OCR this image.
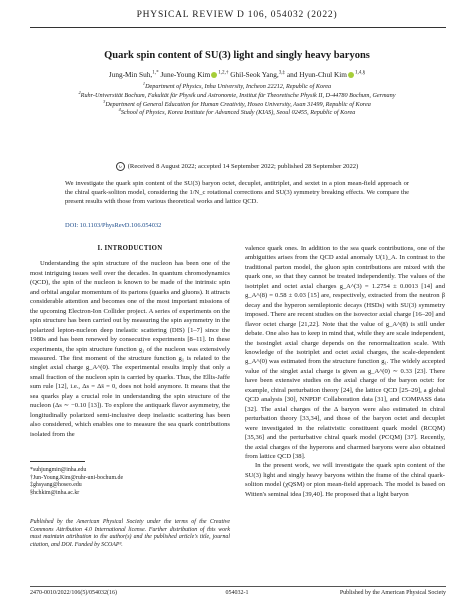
PHYSICAL REVIEW D 106, 054032 (2022)
Quark spin content of SU(3) light and singly heavy baryons
Jung-Min Suh,$^{1,*}$ June-Young Kim $^{1,2,\dagger}$ Ghil-Seok Yang,$^{3,\ddagger}$ and Hyun-Chul Kim $^{1,4,\S}$
$^1$Department of Physics, Inha University, Incheon 22212, Republic of Korea
$^2$Ruhr-Universität Bochum, Fakultät für Physik und Astronomie, Institut für Theoretische Physik II, D-44780 Bochum, Germany
$^3$Department of General Education for Human Creativity, Hoseo University, Asan 31499, Republic of Korea
$^4$School of Physics, Korea Institute for Advanced Study (KIAS), Seoul 02455, Republic of Korea
↻ (Received 8 August 2022; accepted 14 September 2022; published 28 September 2022)
We investigate the quark spin content of the SU(3) baryon octet, decuplet, antitriplet, and sextet in a pion mean-field approach or the chiral quark-soliton model, considering the 1/N_c rotational corrections and SU(3) symmetry breaking effects. We compare the present results with those from various theoretical works and lattice QCD.
DOI: 10.1103/PhysRevD.106.054032
I. INTRODUCTION

Understanding the spin structure of the nucleon has been one of the most intriguing issues well over the decades. In quantum chromodynamics (QCD), the spin of the nucleon is known to be made of the intrinsic spin and orbital angular momentum of its partons (quarks and gluons). It attracts considerable attention and becomes one of the most important missions of the upcoming Electron-Ion Collider project. A series of experiments on the spin structure has been carried out by measuring the spin asymmetry in the polarized lepton-nucleon deep inelastic scattering (DIS) [1–7] since the 1980s and has been renewed by consecutive experiments [8–11]. In these experiments, the spin structure function g₁ of the nucleon was extensively measured. The first moment of the structure function g₁ is related to the singlet axial charge g_A^(0). The experimental results imply that only a small fraction of the nucleon spin is carried by quarks. Thus, the Ellis-Jaffe sum rule [12], i.e., Δs = Δs̄ = 0, does not hold anymore. It means that the sea quarks play a crucial role in understanding the spin structure of the nucleon (Δs ∼ −0.10 [13]). To explore the antiquark flavor asymmetry, the longitudinally polarized semi-inclusive deep inelastic scattering has been also considered, which enables one to measure the sea quark contributions isolated from the

valence quark ones. In addition to the sea quark contributions, one of the ambiguities arises from the QCD axial anomaly U(1)_A. In contrast to the traditional parton model, the gluon spin contributions are mixed with the quark one, so that they cannot be treated independently. The values of the isotriplet and octet axial charges g_A^(3) = 1.2754 ± 0.0013 [14] and g_A^(8) = 0.58 ± 0.03 [15] are, respectively, extracted from the neutron β decay and the hyperon semileptonic decays (HSDs) with SU(3) symmetry imposed. There are recent studies on the isovector axial charge [16–20] and flavor octet charge [21,22]. Note that the value of g_A^(8) is still under debate. One also has to keep in mind that, while they are scale independent, the isosinglet axial charge depends on the renormalization scale. With knowledge of the isotriplet and octet axial charges, the scale-dependent g_A^(0) was estimated from the structure function g₁. The widely accepted value of the singlet axial charge is given as g_A^(0) ∼ 0.33 [23]. There have been extensive studies on the axial charge of the baryon octet: for example, chiral perturbation theory [24], the lattice QCD [25–29], a global QCD analysis [30], NNPDF Collaboration data [31], and COMPASS data [32]. The axial charges of the Δ baryon were also estimated in chiral perturbation theory [33,34], and those of the baryon octet and decuplet were investigated in the relativistic constituent quark model (RCQM) [35,36] and the perturbative chiral quark model (PCQM) [37]. Recently, the axial charges of the hyperons and charmed baryons were also obtained from lattice QCD [38].

In the present work, we will investigate the quark spin content of the SU(3) light and singly heavy baryons within the frame of the chiral quark-soliton model (χQSM) or pion mean-field approach. The model is based on Witten's seminal idea [39,40]. He proposed that a light baryon

*suhjungmin@inha.edu
†Jun-Young.Kim@ruhr-uni-bochum.de
‡ghsyang@hoseo.edu
§hchkim@inha.ac.kr
Published by the American Physical Society under the terms of the Creative Commons Attribution 4.0 International license. Further distribution of this work must maintain attribution to the author(s) and the published article's title, journal citation, and DOI. Funded by SCOAP³.
2470-0010/2022/106(5)/054032(16)	054032-1	Published by the American Physical Society
